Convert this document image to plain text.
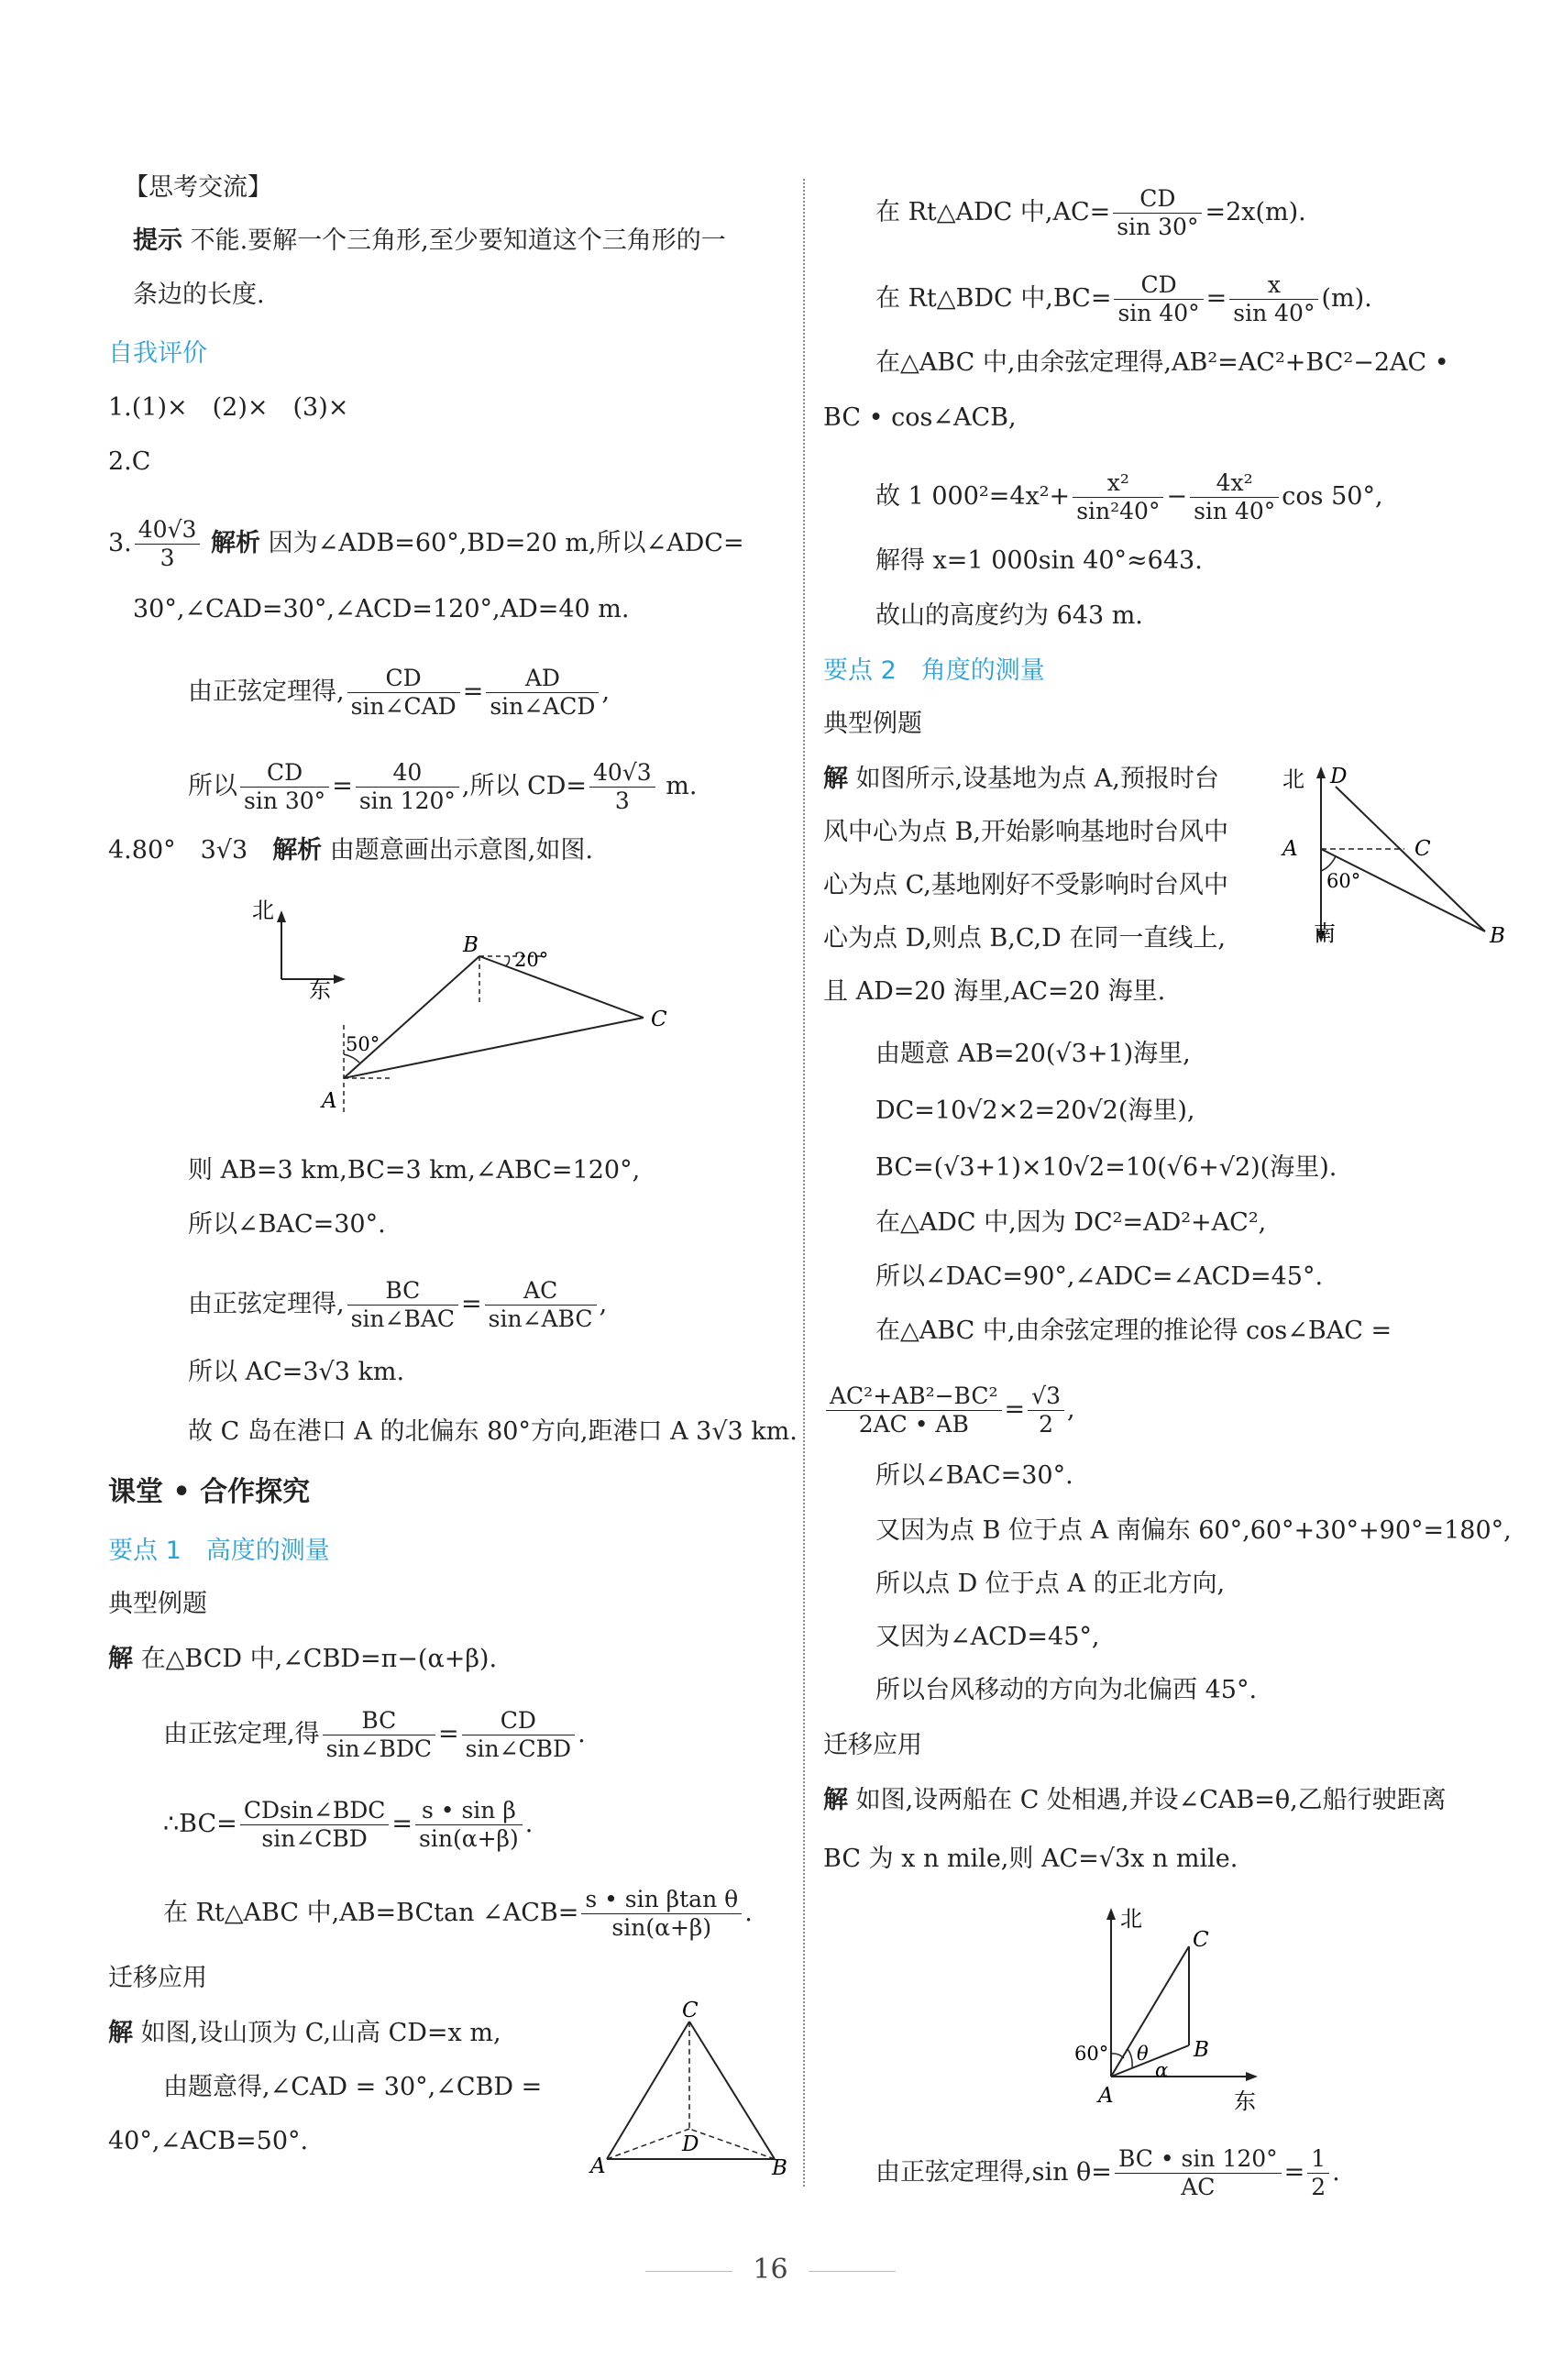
【思考交流】
提示 不能.要解一个三角形,至少要知道这个三角形的一
条边的长度.
自我评价
1.(1)×　(2)×　(3)×
2.C
3. $\frac{40√3}{3}$ 解析 因为∠ADB=60°,BD=20 m,所以∠ADC=
30°,∠CAD=30°,∠ACD=120°,AD=40 m.
由正弦定理得, $\frac{CD}{\text{sin∠CAD}} = \frac{AD}{\text{sin∠ACD}}$ ,
所以 $\frac{CD}{\sin 30^\circ} = \frac{40}{\sin 120^\circ}$ ,所以 $CD= \frac{40√3}{3} m$.
4.80°　3√3　 解析 由题意画出示意图,如图.
北
东
A
B
C
20°
50°
则 AB=3 km,BC=3 km,∠ABC=120°,
所以∠BAC=30°.
由正弦定理得, $\frac{BC}{\text{sin∠BAC}} = \frac{AC}{\text{sin∠ABC}}$ ,
所以 AC=3√3 km.
故 C 岛在港口 A 的北偏东 80°方向,距港口 A 3√3 km.
课堂 • 合作探究
要点 1　高度的测量
典型例题
解 在△BCD 中,∠CBD=π−(α+β).
由正弦定理,得 $\frac{BC}{\text{sin∠BDC}} = \frac{CD}{\text{sin∠CBD}}$ .
∴BC= $\frac{\text{CDsin∠BDC}}{\text{sin∠CBD}} = \frac{\text{s • sin β}}{\sin(\alpha+\beta)}$ .
在 Rt△ABC 中,AB=BCtan ∠ACB= $\frac{\text{s • sin βtan θ}}{\sin(\alpha+\beta)}$ .
迁移应用
解 如图,设山顶为 C,山高 CD=x m,
由题意得,∠CAD = 30°,∠CBD =
40°,∠ACB=50°.
C
A	B
D
在 Rt△ADC 中$,AC= \frac{CD}{\sin 30^\circ} =2x(m)$.
在 Rt△BDC 中$,BC= \frac{CD}{\sin 40^\circ} = \frac{x}{\sin 40^\circ} (m)$.
在△ABC 中,由余弦定理得,AB²=AC²+BC²−2AC •
BC • cos∠ACB,
故 1 $000^2=4x^2+ \frac{\text{x²}}{\text{sin²40°}} - \frac{\text{4x²}}{\sin 40^\circ}$ cos 50°,
解得 x=1 000sin 40°≈643.
故山的高度约为 643 m.
要点 2　角度的测量
典型例题
解 如图所示,设基地为点 A,预报时台
风中心为点 B,开始影响基地时台风中
心为点 C,基地刚好不受影响时台风中
心为点 D,则点 B,C,D 在同一直线上,
且 AD=20 海里,AC=20 海里.
北
南
D
A	C
B
60°
由题意 AB=20(√3+1)海里,
DC=10√2×2=20√2(海里),
BC=(√3+1)×10√2=10(√6+√2)(海里).
在△ADC 中,因为 DC²=AD²+AC²,
所以∠DAC=90°,∠ADC=∠ACD=45°.
在△ABC 中,由余弦定理的推论得 cos∠BAC =
$\frac{\text{AC²+AB²−BC²}}{2AC • AB} = \frac{√3}{2}$ ,
所以∠BAC=30°.
又因为点 B 位于点 A 南偏东 60°,60°+30°+90°=180°,
所以点 D 位于点 A 的正北方向,
又因为∠ACD=45°,
所以台风移动的方向为北偏西 45°.
迁移应用
解 如图,设两船在 C 处相遇,并设∠CAB=θ,乙船行驶距离
BC 为 x n mile,则 AC=√3x n mile.
北
东
C
B
A
60° θ
α
由正弦定理得,sin $\theta= \frac{BC • \sin 120^\circ}{AC} = \frac{1}{2}$ .
16
